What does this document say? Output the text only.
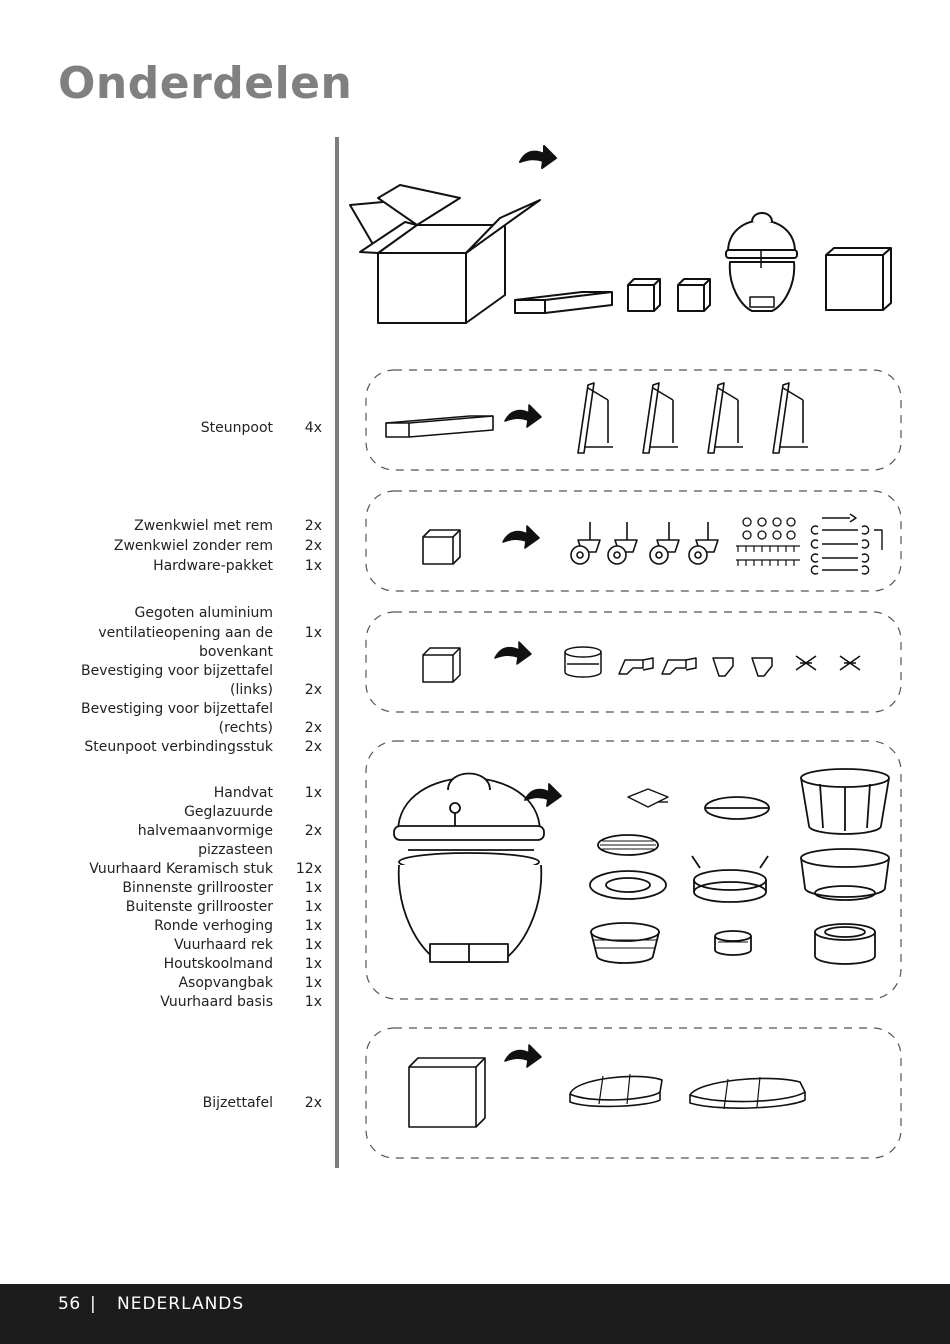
Onderdelen
Steunpoot	4x
Zwenkwiel met rem	2x
Zwenkwiel zonder rem	2x
Hardware-pakket	1x
Gegoten aluminium
ventilatieopening aan de	1x
bovenkant
Bevestiging voor bijzettafel
(links)	2x
Bevestiging voor bijzettafel
(rechts)	2x
Steunpoot verbindingsstuk	2x
Handvat	1x
Geglazuurde
halvemaanvormige	2x
pizzasteen
Vuurhaard Keramisch stuk	12x
Binnenste grillrooster	1x
Buitenste grillrooster	1x
Ronde verhoging	1x
Vuurhaard rek	1x
Houtskoolmand	1x
Asopvangbak	1x
Vuurhaard basis	1x
Bijzettafel	2x
56 | NEDERLANDS
